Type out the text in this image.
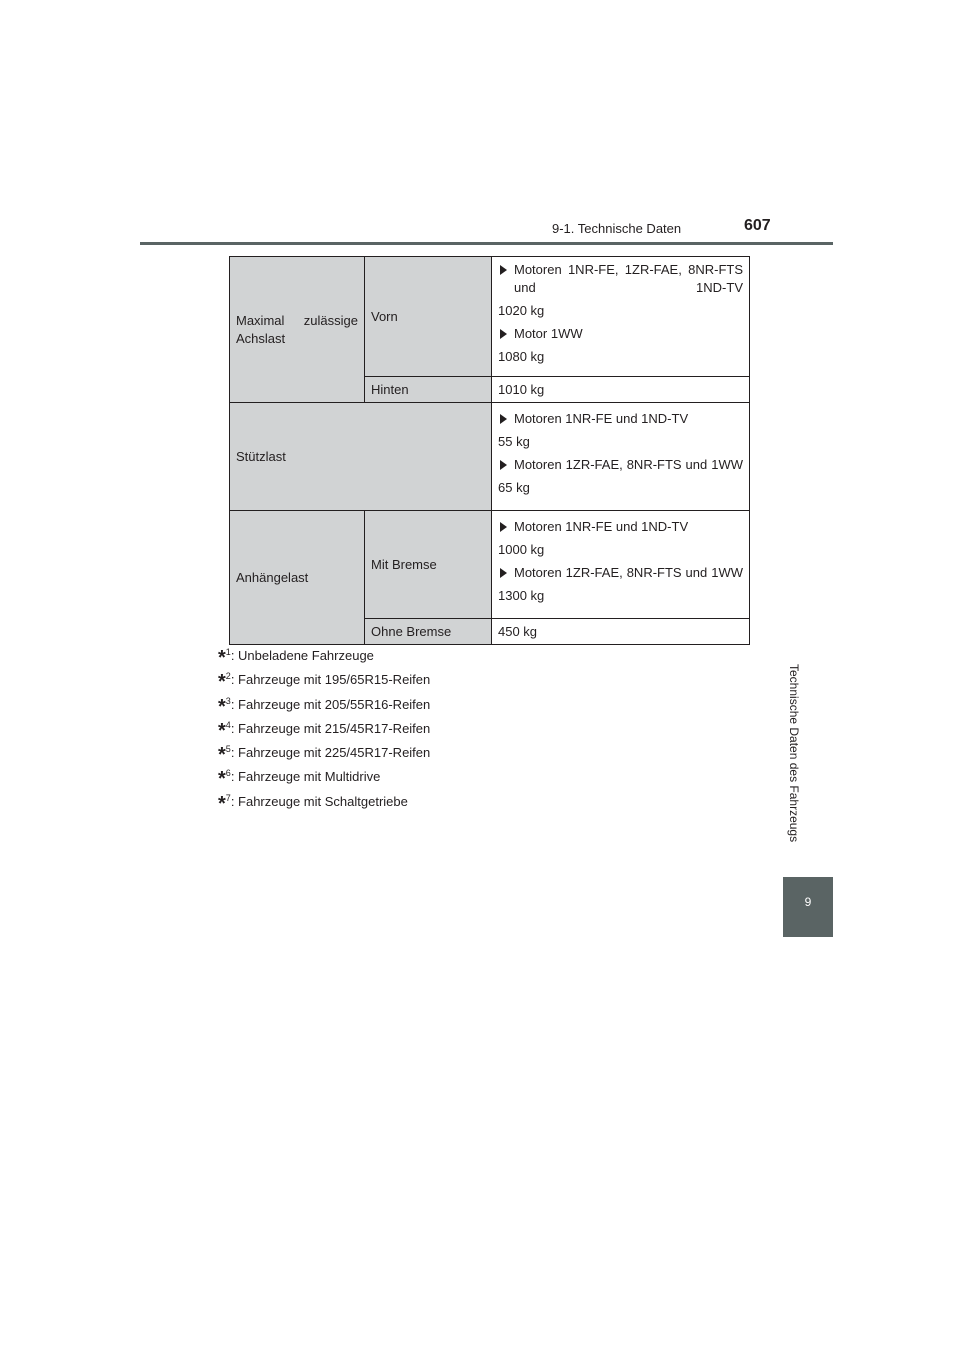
9-1. Technische Daten	607
Maximal zulässige Achslast	Vorn	Motoren 1NR-FE, 1ZR-FAE, 8NR-FTS und 1ND-TV

1020 kg

Motor 1WW

1080 kg

	Hinten	1010 kg
Stützlast		Motoren 1NR-FE und 1ND-TV

55 kg

Motoren 1ZR-FAE, 8NR-FTS und 1WW

65 kg

Anhängelast	Mit Bremse	Motoren 1NR-FE und 1ND-TV

1000 kg

Motoren 1ZR-FAE, 8NR-FTS und 1WW

1300 kg

	Ohne Bremse	450 kg
*$^1$: Unbeladene Fahrzeuge
*$^2$: Fahrzeuge mit 195/65R15-Reifen
*$^3$: Fahrzeuge mit 205/55R16-Reifen
*$^4$: Fahrzeuge mit 215/45R17-Reifen
*$^5$: Fahrzeuge mit 225/45R17-Reifen
*$^6$: Fahrzeuge mit Multidrive
*$^7$: Fahrzeuge mit Schaltgetriebe	Technische Daten des Fahrzeugs
9
